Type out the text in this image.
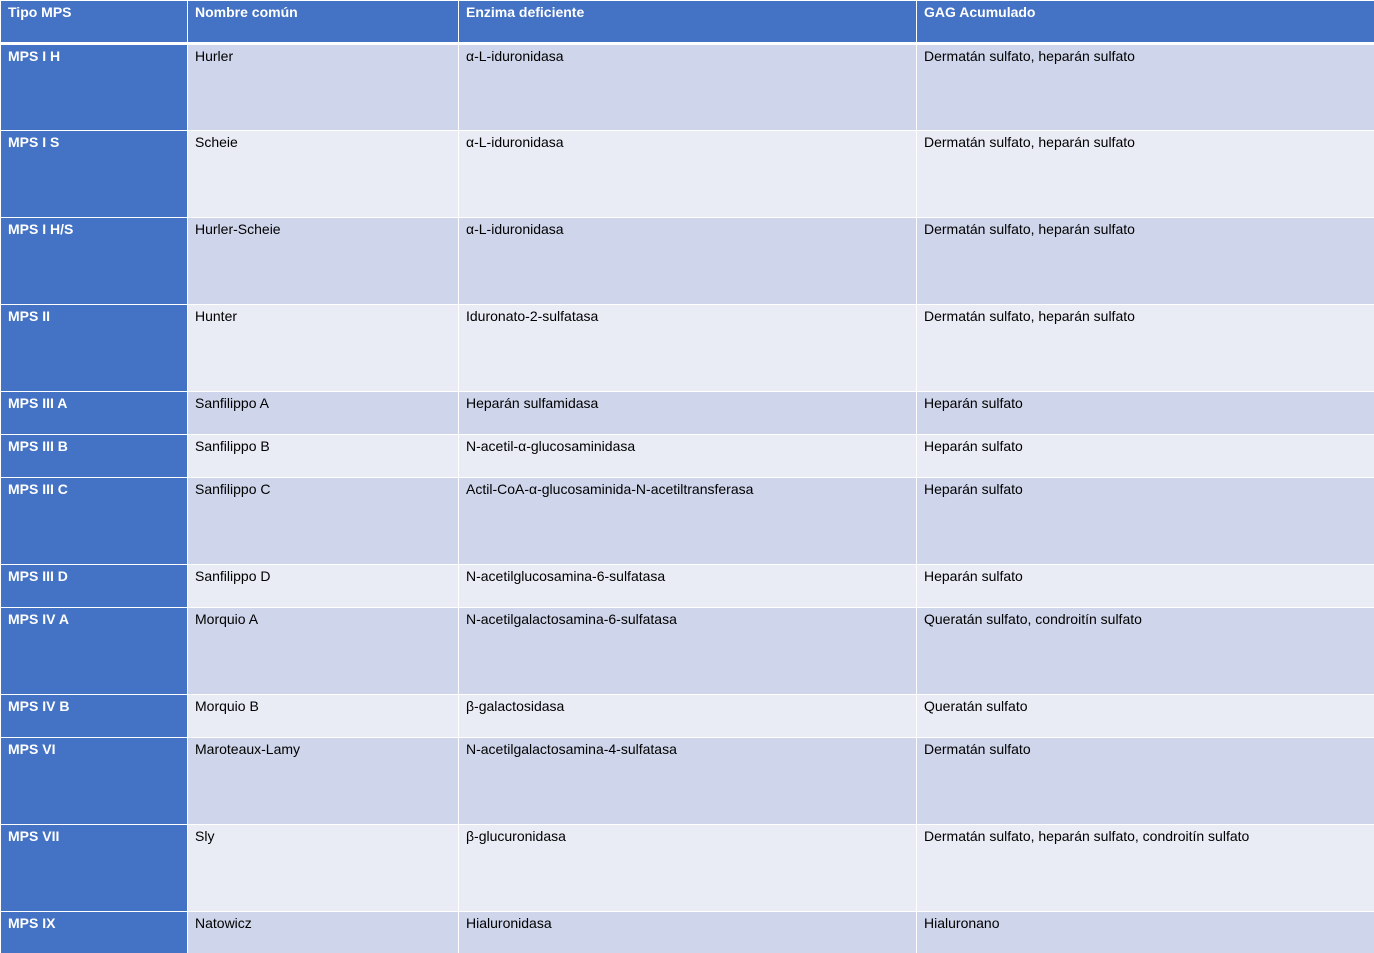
Tipo MPS	Nombre común	Enzima deficiente	GAG Acumulado
MPS I H	Hurler	α-L-iduronidasa	Dermatán sulfato, heparán sulfato
MPS I S	Scheie	α-L-iduronidasa	Dermatán sulfato, heparán sulfato
MPS I H/S	Hurler-Scheie	α-L-iduronidasa	Dermatán sulfato, heparán sulfato
MPS II	Hunter	Iduronato-2-sulfatasa	Dermatán sulfato, heparán sulfato
MPS III A	Sanfilippo A	Heparán sulfamidasa	Heparán sulfato
MPS III B	Sanfilippo B	N-acetil-α-glucosaminidasa	Heparán sulfato
MPS III C	Sanfilippo C	Actil-CoA-α-glucosaminida-N-acetiltransferasa	Heparán sulfato
MPS III D	Sanfilippo D	N-acetilglucosamina-6-sulfatasa	Heparán sulfato
MPS IV A	Morquio A	N-acetilgalactosamina-6-sulfatasa	Queratán sulfato, condroitín sulfato
MPS IV B	Morquio B	β-galactosidasa	Queratán sulfato
MPS VI	Maroteaux-Lamy	N-acetilgalactosamina-4-sulfatasa	Dermatán sulfato
MPS VII	Sly	β-glucuronidasa	Dermatán sulfato, heparán sulfato, condroitín sulfato
MPS IX	Natowicz	Hialuronidasa	Hialuronano
